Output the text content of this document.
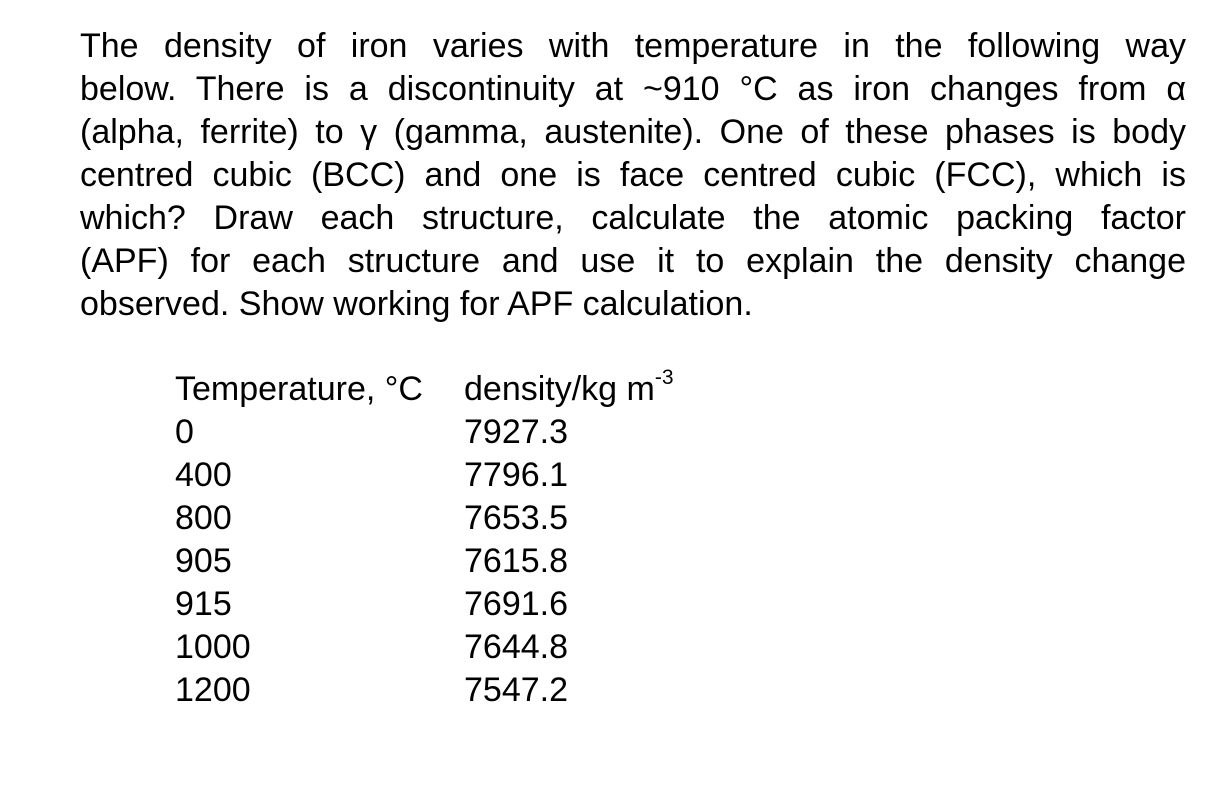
The density of iron varies with temperature in the following way
below. There is a discontinuity at ~910 °C as iron changes from α
(alpha, ferrite) to γ (gamma, austenite). One of these phases is body
centred cubic (BCC) and one is face centred cubic (FCC), which is
which? Draw each structure, calculate the atomic packing factor
(APF) for each structure and use it to explain the density change
observed. Show working for APF calculation.
Temperature, °C	density/kg $m^{-3}$
0	7927.3
400	7796.1
800	7653.5
905	7615.8
915	7691.6
1000	7644.8
1200	7547.2
